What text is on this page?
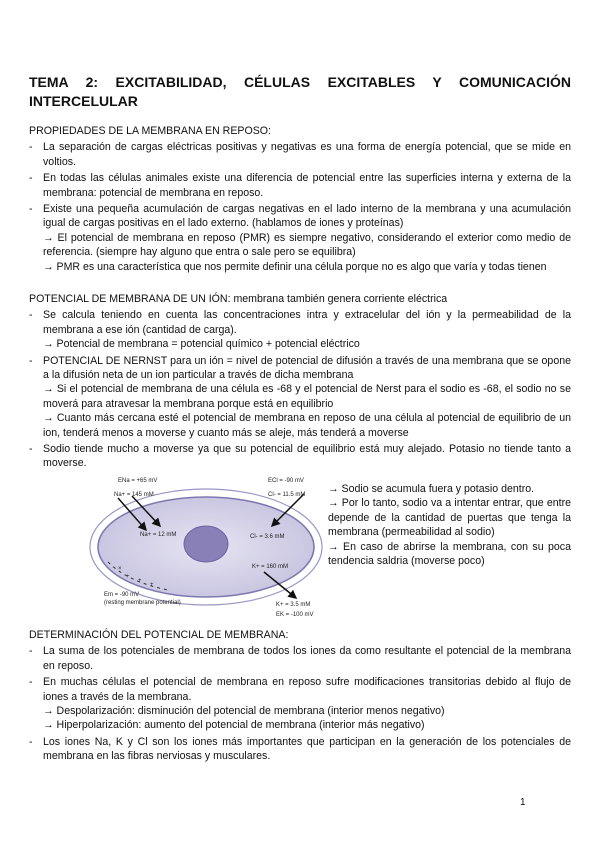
TEMA 2: EXCITABILIDAD, CÉLULAS EXCITABLES Y COMUNICACIÓN INTERCELULAR
PROPIEDADES DE LA MEMBRANA EN REPOSO:
- La separación de cargas eléctricas positivas y negativas es una forma de energía potencial, que se mide en voltios.
- En todas las células animales existe una diferencia de potencial entre las superficies interna y externa de la membrana: potencial de membrana en reposo.
- Existe una pequeña acumulación de cargas negativas en el lado interno de la membrana y una acumulación igual de cargas positivas en el lado externo. (hablamos de iones y proteínas)
→ El potencial de membrana en reposo (PMR) es siempre negativo, considerando el exterior como medio de referencia. (siempre hay alguno que entra o sale pero se equilibra)
→ PMR es una característica que nos permite definir una célula porque no es algo que varía y todas tienen
POTENCIAL DE MEMBRANA DE UN IÓN: membrana también genera corriente eléctrica
- Se calcula teniendo en cuenta las concentraciones intra y extracelular del ión y la permeabilidad de la membrana a ese ión (cantidad de carga).
→ Potencial de membrana = potencial químico + potencial eléctrico
- POTENCIAL DE NERNST para un ión = nivel de potencial de difusión a través de una membrana que se opone a la difusión neta de un ion particular a través de dicha membrana
→ Si el potencial de membrana de una célula es -68 y el potencial de Nerst para el sodio es -68, el sodio no se moverá para atravesar la membrana porque está en equilibrio
→ Cuanto más cercana esté el potencial de membrana en reposo de una célula al potencial de equilibrio de un ion, tenderá menos a moverse y cuanto más se aleje, más tenderá a moverse
- Sodio tiende mucho a moverse ya que su potencial de equilibrio está muy alejado. Potasio no tiende tanto a moverse.
×
+
+
+
ENa = +65 mV
Na+ = 145 mM
Na+ = 12 mM
ECl = -90 mV
Cl- = 11.5 mM
Cl- = 3.6 mM
K+ = 160 mM
K+ = 3.5 mM
EK = -100 mV
Em = -90 mV
(resting membrane potential)

→ Sodio se acumula fuera y potasio dentro.

→ Por lo tanto, sodio va a intentar entrar, que entre depende de la cantidad de puertas que tenga la membrana (permeabilidad al sodio)

→ En caso de abrirse la membrana, con su poca tendencia saldria (moverse poco)

DETERMINACIÓN DEL POTENCIAL DE MEMBRANA:
- La suma de los potenciales de membrana de todos los iones da como resultante el potencial de la membrana en reposo.
- En muchas células el potencial de membrana en reposo sufre modificaciones transitorias debido al flujo de iones a través de la membrana.
→ Despolarización: disminución del potencial de membrana (interior menos negativo)
→ Hiperpolarización: aumento del potencial de membrana (interior más negativo)
- Los iones Na, K y Cl son los iones más importantes que participan en la generación de los potenciales de membrana en las fibras nerviosas y musculares.
1
